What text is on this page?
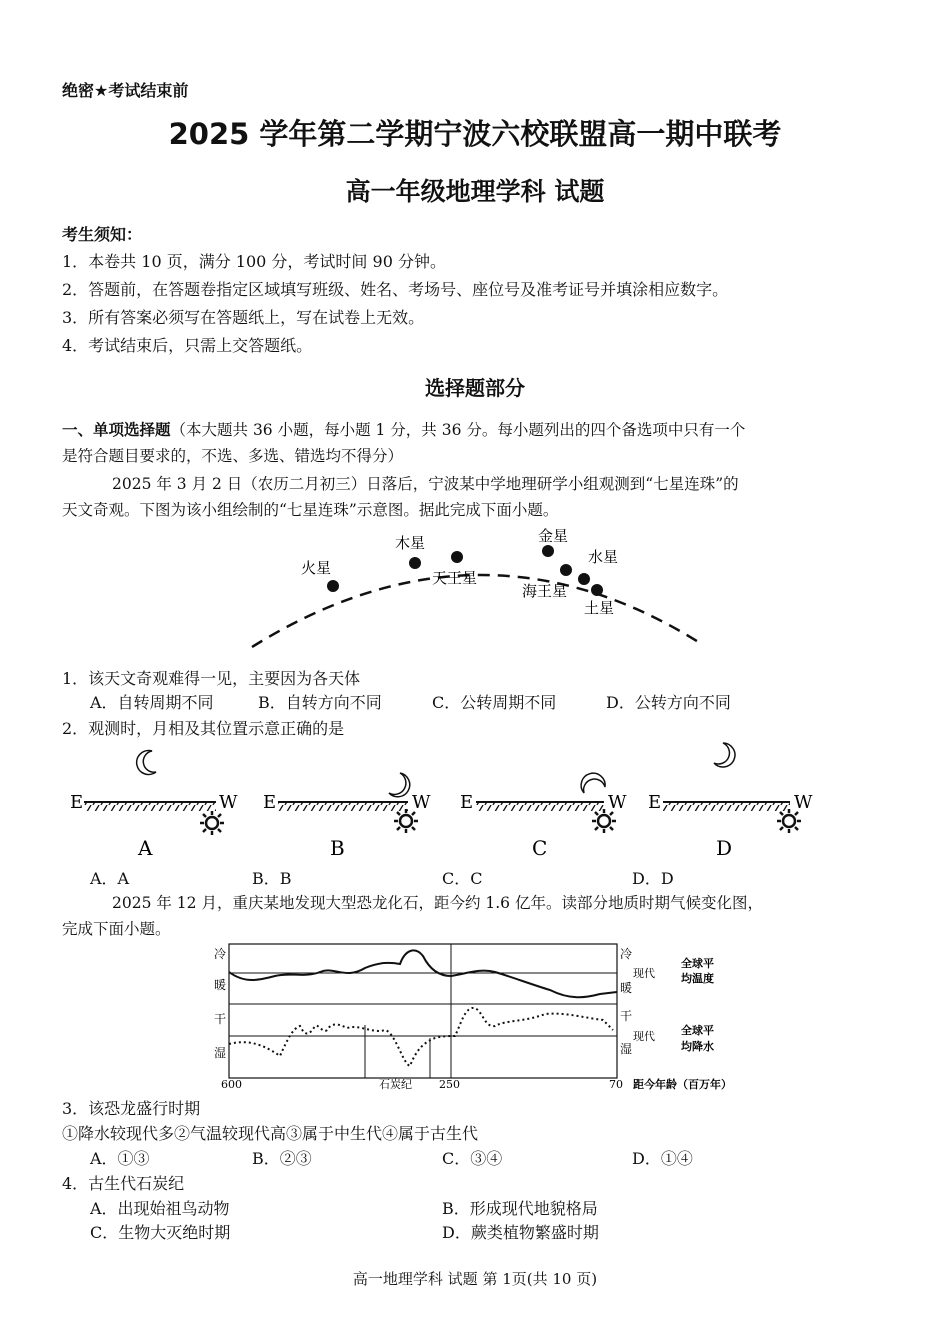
绝密★考试结束前
2025 学年第二学期宁波六校联盟高一期中联考
高一年级地理学科 试题
考生须知：
1．本卷共 10 页，满分 100 分，考试时间 90 分钟。
2．答题前，在答题卷指定区域填写班级、姓名、考场号、座位号及准考证号并填涂相应数字。
3．所有答案必须写在答题纸上，写在试卷上无效。
4．考试结束后，只需上交答题纸。
选择题部分
一、单项选择题（本大题共 36 小题，每小题 1 分，共 36 分。每小题列出的四个备选项中只有一个
是符合题目要求的，不选、多选、错选均不得分）
2025 年 3 月 2 日（农历二月初三）日落后，宁波某中学地理研学小组观测到“七星连珠”的
天文奇观。下图为该小组绘制的“七星连珠”示意图。据此完成下面小题。
火星
木星
天王星
金星
水星
海王星
土星
1．该天文奇观难得一见，主要因为各天体
A．自转周期不同	B．自转方向不同	C．公转周期不同	D．公转方向不同
2．观测时，月相及其位置示意正确的是
E	W
A
E	W
B
E	W
C
E	W
D
A．A	B．B	C．C	D．D
2025 年 12 月，重庆某地发现大型恐龙化石，距今约 1.6 亿年。读部分地质时期气候变化图，
完成下面小题。
冷
暖
干
湿
冷
暖
干
湿
现代
现代
全球平
均温度
全球平
均降水
600	石炭纪 250	70 距今年龄（百万年）
3．该恐龙盛行时期
①降水较现代多②气温较现代高③属于中生代④属于古生代
A．①③	B．②③	C．③④	D．①④
4．古生代石炭纪
A．出现始祖鸟动物	B．形成现代地貌格局
C．生物大灭绝时期	D．蕨类植物繁盛时期
高一地理学科 试题 第 1页(共 10 页)
